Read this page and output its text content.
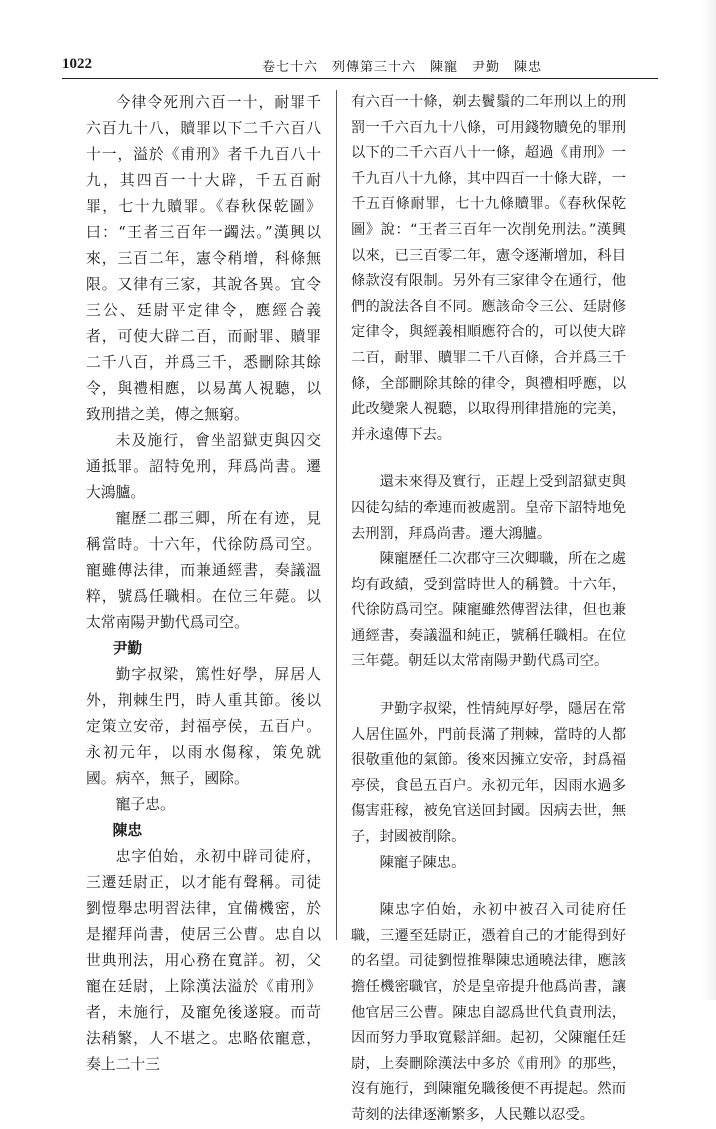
1022	卷七十六　列傳第三十六　陳寵　尹勤　陳忠

今律令死刑六百一十，耐罪千六百九十八，贖罪以下二千六百八十一，溢於《甫刑》者千九百八十九，其四百一十大辟，千五百耐罪，七十九贖罪。《春秋保乾圖》曰：“王者三百年一蠲法。”漢興以來，三百二年，憲令稍增，科條無限。又律有三家，其說各異。宜令三公、廷尉平定律令，應經合義者，可使大辟二百，而耐罪、贖罪二千八百，并爲三千，悉刪除其餘令，與禮相應，以易萬人視聽，以致刑措之美，傳之無窮。

未及施行，會坐詔獄吏與囚交通抵罪。詔特免刑，拜爲尚書。遷大鴻臚。

寵歷二郡三卿，所在有迹，見稱當時。十六年，代徐防爲司空。寵雖傳法律，而兼通經書，奏議溫粹，號爲任職相。在位三年薨。以太常南陽尹勤代爲司空。

尹勤

勤字叔梁，篤性好學，屏居人外，荆棘生門，時人重其節。後以定策立安帝，封福亭侯，五百户。永初元年，以雨水傷稼，策免就國。病卒，無子，國除。

寵子忠。

陳忠

忠字伯始，永初中辟司徒府，三遷廷尉正，以才能有聲稱。司徒劉愷舉忠明習法律，宜備機密，於是擢拜尚書，使居三公曹。忠自以世典刑法，用心務在寬詳。初，父寵在廷尉，上除漢法溢於《甫刑》者，未施行，及寵免後遂寢。而苛法稍繁，人不堪之。忠略依寵意，奏上二十三

有六百一十條，剃去鬢鬚的二年刑以上的刑罰一千六百九十八條，可用錢物贖免的罪刑以下的二千六百八十一條，超過《甫刑》一千九百八十九條，其中四百一十條大辟，一千五百條耐罪，七十九條贖罪。《春秋保乾圖》說：“王者三百年一次削免刑法。”漢興以來，已三百零二年，憲令逐漸增加，科目條款沒有限制。另外有三家律令在通行，他們的說法各自不同。應該命令三公、廷尉修定律令，與經義相順應符合的，可以使大辟二百，耐罪、贖罪二千八百條，合并爲三千條，全部刪除其餘的律令，與禮相呼應，以此改變衆人視聽，以取得刑律措施的完美，并永遠傳下去。

還未來得及實行，正趕上受到詔獄吏與囚徒勾結的牽連而被處罰。皇帝下詔特地免去刑罰，拜爲尚書。遷大鴻臚。

陳寵歷任二次郡守三次卿職，所在之處均有政績，受到當時世人的稱贊。十六年，代徐防爲司空。陳寵雖然傳習法律，但也兼通經書，奏議溫和純正，號稱任職相。在位三年薨。朝廷以太常南陽尹勤代爲司空。

尹勤字叔梁，性情純厚好學，隱居在常人居住區外，門前長滿了荆棘，當時的人都很敬重他的氣節。後來因擁立安帝，封爲福亭侯，食邑五百户。永初元年，因雨水過多傷害莊稼，被免官送回封國。因病去世，無子，封國被削除。

陳寵子陳忠。

陳忠字伯始，永初中被召入司徒府任職，三遷至廷尉正，憑着自己的才能得到好的名望。司徒劉愷推舉陳忠通曉法律，應該擔任機密職官，於是皇帝提升他爲尚書，讓他官居三公曹。陳忠自認爲世代負責刑法，因而努力爭取寬鬆詳細。起初，父陳寵任廷尉，上奏刪除漢法中多於《甫刑》的那些，沒有施行，到陳寵免職後便不再提起。然而苛刻的法律逐漸繁多，人民難以忍受。
